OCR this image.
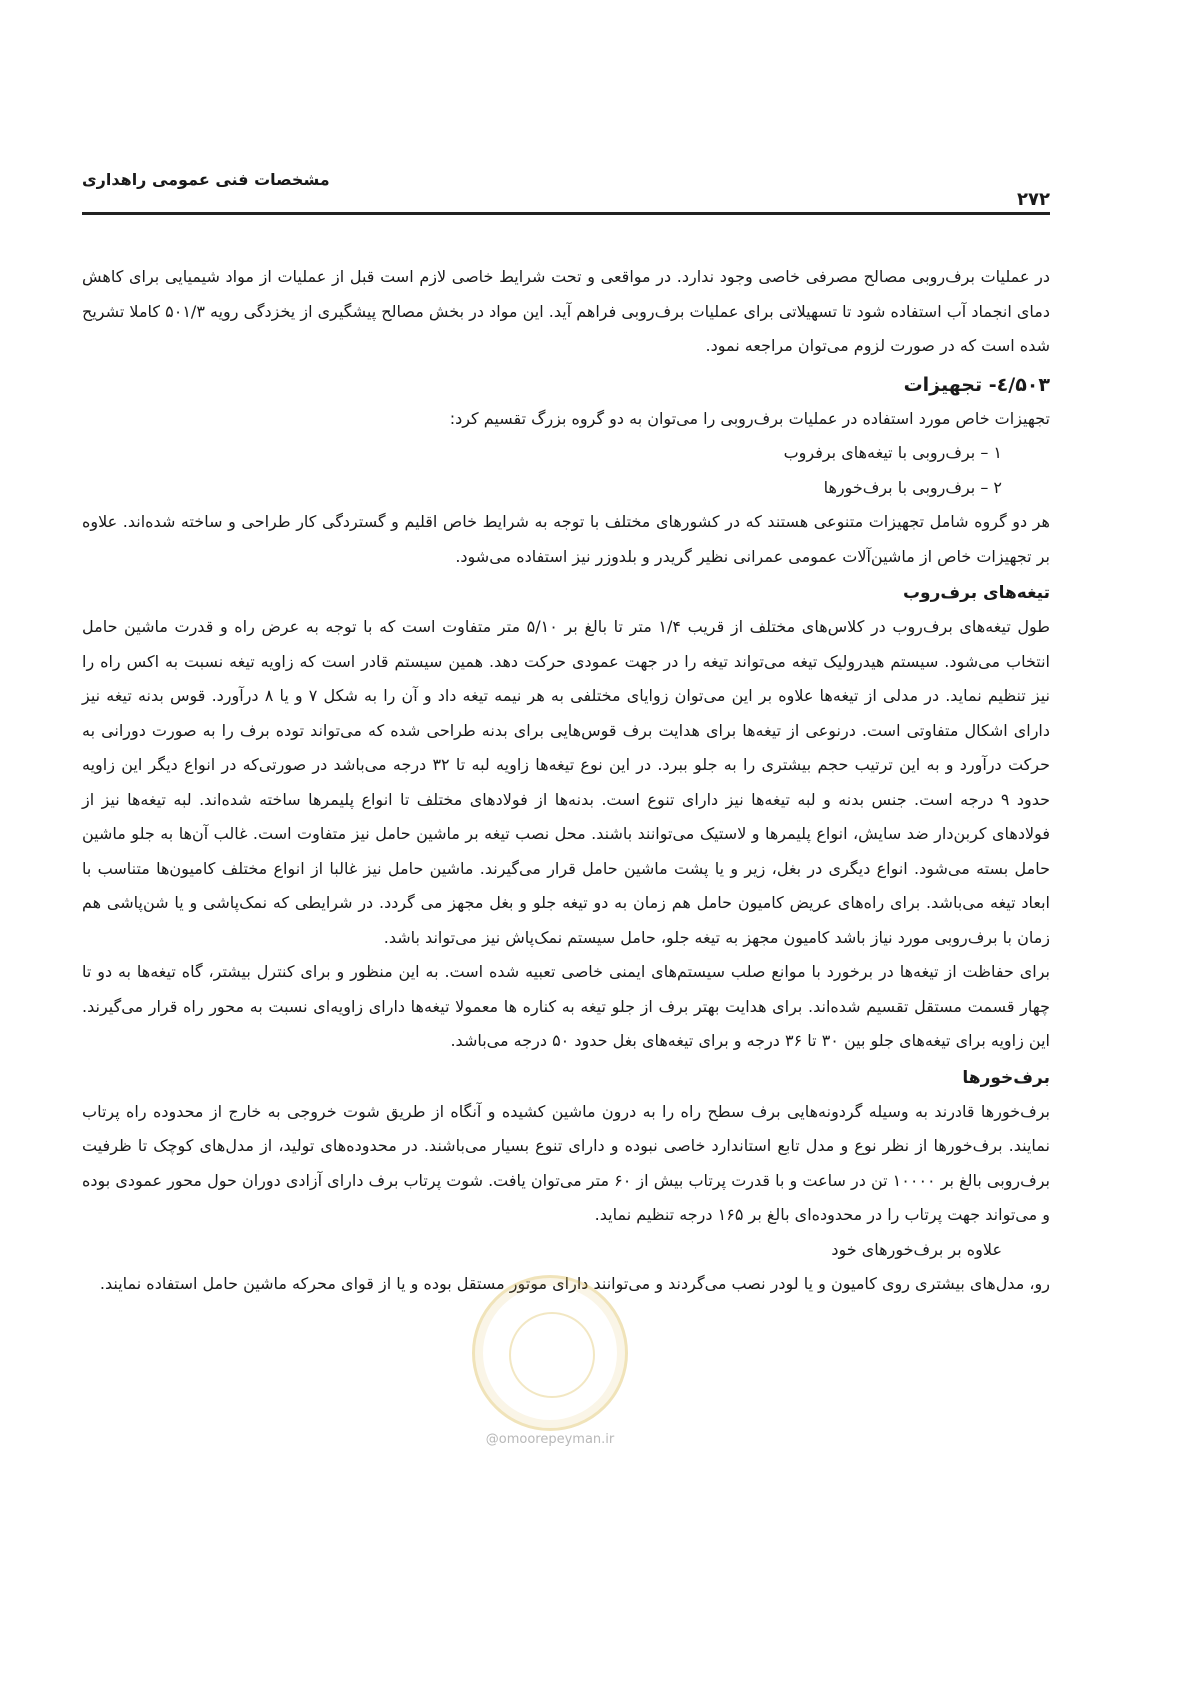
مشخصات فنی عمومی راهداری
۲۷۲

در عملیات برف‌روبی مصالح مصرفی خاصی وجود ندارد. در مواقعی و تحت شرایط خاصی لازم است قبل از عملیات از مواد شیمیایی برای کاهش دمای انجماد آب استفاده شود تا تسهیلاتی برای عملیات برف‌روبی فراهم آید. این مواد در بخش مصالح پیشگیری از یخزدگی رویه ۵۰۱/۳ کاملا تشریح شده است که در صورت لزوم می‌توان مراجعه نمود.

۵۰۳/٤- تجهیزات

تجهیزات خاص مورد استفاده در عملیات برف‌روبی را می‌توان به دو گروه بزرگ تقسیم کرد:

۱ – برف‌روبی با تیغه‌های برفروب

۲ – برف‌روبی با برف‌خورها

هر دو گروه شامل تجهیزات متنوعی هستند که در کشورهای مختلف با توجه به شرایط خاص اقلیم و گستردگی کار طراحی و ساخته شده‌اند. علاوه بر تجهیزات خاص از ماشین‌آلات عمومی عمرانی نظیر گریدر و بلدوزر نیز استفاده می‌شود.

تیغه‌های برف‌روب

طول تیغه‌های برف‌روب در کلاس‌های مختلف از قریب ۱/۴ متر تا بالغ بر ۵/۱۰ متر متفاوت است که با توجه به عرض راه و قدرت ماشین حامل انتخاب می‌شود. سیستم هیدرولیک تیغه می‌تواند تیغه را در جهت عمودی حرکت دهد. همین سیستم قادر است که زاویه تیغه نسبت به اکس راه را نیز تنظیم نماید. در مدلی از تیغه‌ها علاوه بر این می‌توان زوایای مختلفی به هر نیمه تیغه داد و آن را به شکل ۷ و یا ۸ درآورد. قوس بدنه تیغه نیز دارای اشکال متفاوتی است. درنوعی از تیغه‌ها برای هدایت برف قوس‌هایی برای بدنه طراحی شده که می‌تواند توده برف را به صورت دورانی به حرکت درآورد و به این ترتیب حجم بیشتری را به جلو ببرد. در این نوع تیغه‌ها زاویه لبه تا ۳۲ درجه می‌باشد در صورتی‌که در انواع دیگر این زاویه حدود ۹ درجه است. جنس بدنه و لبه تیغه‌ها نیز دارای تنوع است. بدنه‌ها از فولادهای مختلف تا انواع پلیمرها ساخته شده‌اند. لبه تیغه‌ها نیز از فولادهای کربن‌دار ضد سایش، انواع پلیمرها و لاستیک می‌توانند باشند. محل نصب تیغه بر ماشین حامل نیز متفاوت است. غالب آن‌ها به جلو ماشین حامل بسته می‌شود. انواع دیگری در بغل، زیر و یا پشت ماشین حامل قرار می‌گیرند. ماشین حامل نیز غالبا از انواع مختلف کامیون‌ها متناسب با ابعاد تیغه می‌باشد. برای راه‌های عریض کامیون حامل هم زمان به دو تیغه جلو و بغل مجهز می گردد. در شرایطی که نمک‌پاشی و یا شن‌پاشی هم زمان با برف‌روبی مورد نیاز باشد کامیون مجهز به تیغه جلو، حامل سیستم نمک‌پاش نیز می‌تواند باشد.

برای حفاظت از تیغه‌ها در برخورد با موانع صلب سیستم‌های ایمنی خاصی تعبیه شده است. به این منظور و برای کنترل بیشتر، گاه تیغه‌ها به دو تا چهار قسمت مستقل تقسیم شده‌اند. برای هدایت بهتر برف از جلو تیغه به کناره ها معمولا تیغه‌ها دارای زاویه‌ای نسبت به محور راه قرار می‌گیرند. این زاویه برای تیغه‌های جلو بین ۳۰ تا ۳۶ درجه و برای تیغه‌های بغل حدود ۵۰ درجه می‌باشد.

برف‌خورها

برف‌خورها قادرند به وسیله گردونه‌هایی برف سطح راه را به درون ماشین کشیده و آنگاه از طریق شوت خروجی به خارج از محدوده راه پرتاب نمایند. برف‌خورها از نظر نوع و مدل تابع استاندارد خاصی نبوده و دارای تنوع بسیار می‌باشند. در محدوده‌های تولید، از مدل‌های کوچک تا ظرفیت برف‌روبی بالغ بر ۱۰۰۰۰ تن در ساعت و با قدرت پرتاب بیش از ۶۰ متر می‌توان یافت. شوت پرتاب برف دارای آزادی دوران حول محور عمودی بوده و می‌تواند جهت پرتاب را در محدوده‌ای بالغ بر ۱۶۵ درجه تنظیم نماید.

علاوه بر برف‌خورهای خود

رو، مدل‌های بیشتری روی کامیون و یا لودر نصب می‌گردند و می‌توانند دارای موتور مستقل بوده و یا از قوای محرکه ماشین حامل استفاده نمایند.

@omoorepeyman.ir
